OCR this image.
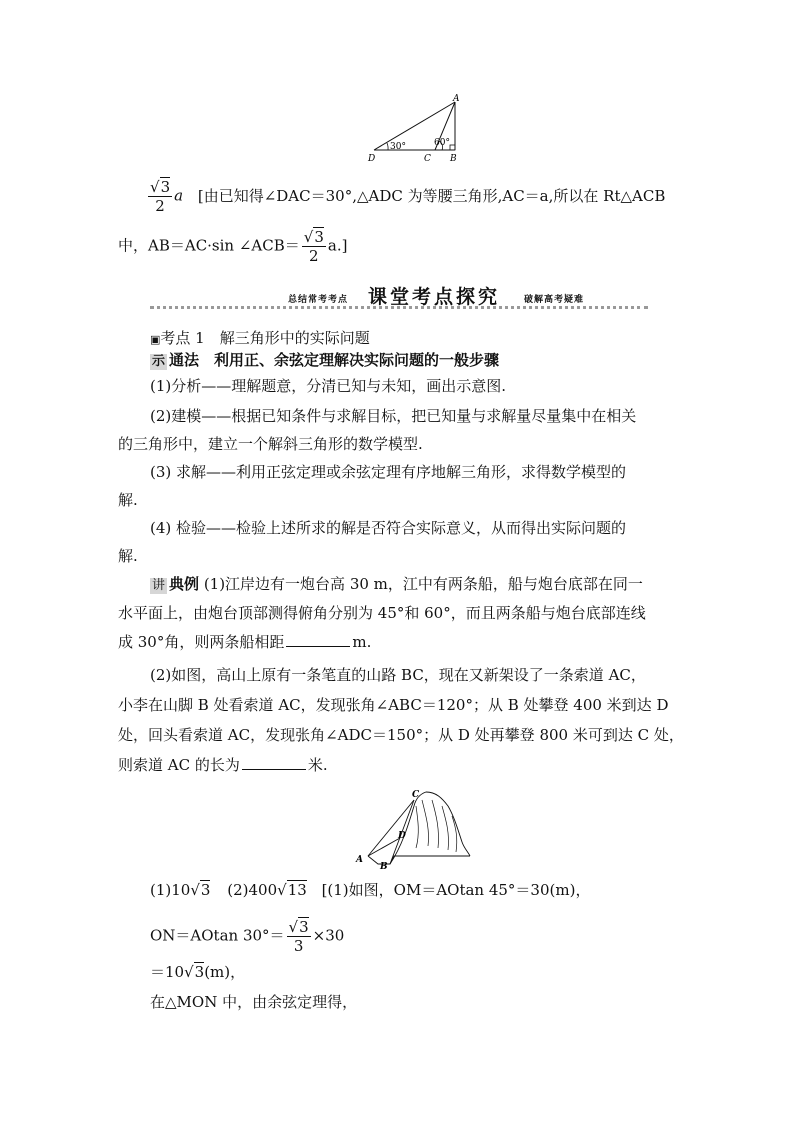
A
B
C
D
30°	60°
$\frac{√3}{2}$ a [由已知得∠DAC＝30°,△ADC 为等腰三角形,AC＝a,所以在 Rt△ACB
中，AB＝AC·sin ∠ACB＝ $\frac{√3}{2} a$.]
总结常考考点 课堂考点探究	破解高考疑难
▣考点 1　解三角形中的实际问题
示 通法　利用正、余弦定理解决实际问题的一般步骤
(1)分析——理解题意，分清已知与未知，画出示意图.
(2)建模——根据已知条件与求解目标，把已知量与求解量尽量集中在相关
的三角形中，建立一个解斜三角形的数学模型.
(3) 求解——利用正弦定理或余弦定理有序地解三角形，求得数学模型的
解.
(4) 检验——检验上述所求的解是否符合实际意义，从而得出实际问题的
解.
讲 典例 (1)江岸边有一炮台高 30 m，江中有两条船，船与炮台底部在同一
水平面上，由炮台顶部测得俯角分别为 45°和 60°，而且两条船与炮台底部连线
成 30°角，则两条船相距	m.
(2)如图，高山上原有一条笔直的山路 BC，现在又新架设了一条索道 AC，
小李在山脚 B 处看索道 AC，发现张角∠ABC＝120°；从 B 处攀登 400 米到达 D
处，回头看索道 AC，发现张角∠ADC＝150°；从 D 处再攀登 800 米可到达 C 处，
则索道 AC 的长为	米.
C
D
A
B
(1)10√3 (2)400√13 [(1)如图，OM＝AOtan 45°＝30(m)，
ON＝AOtan $30^\circ= \frac{√3}{3} \times 30$
＝10√3(m)，
在△MON 中，由余弦定理得，
